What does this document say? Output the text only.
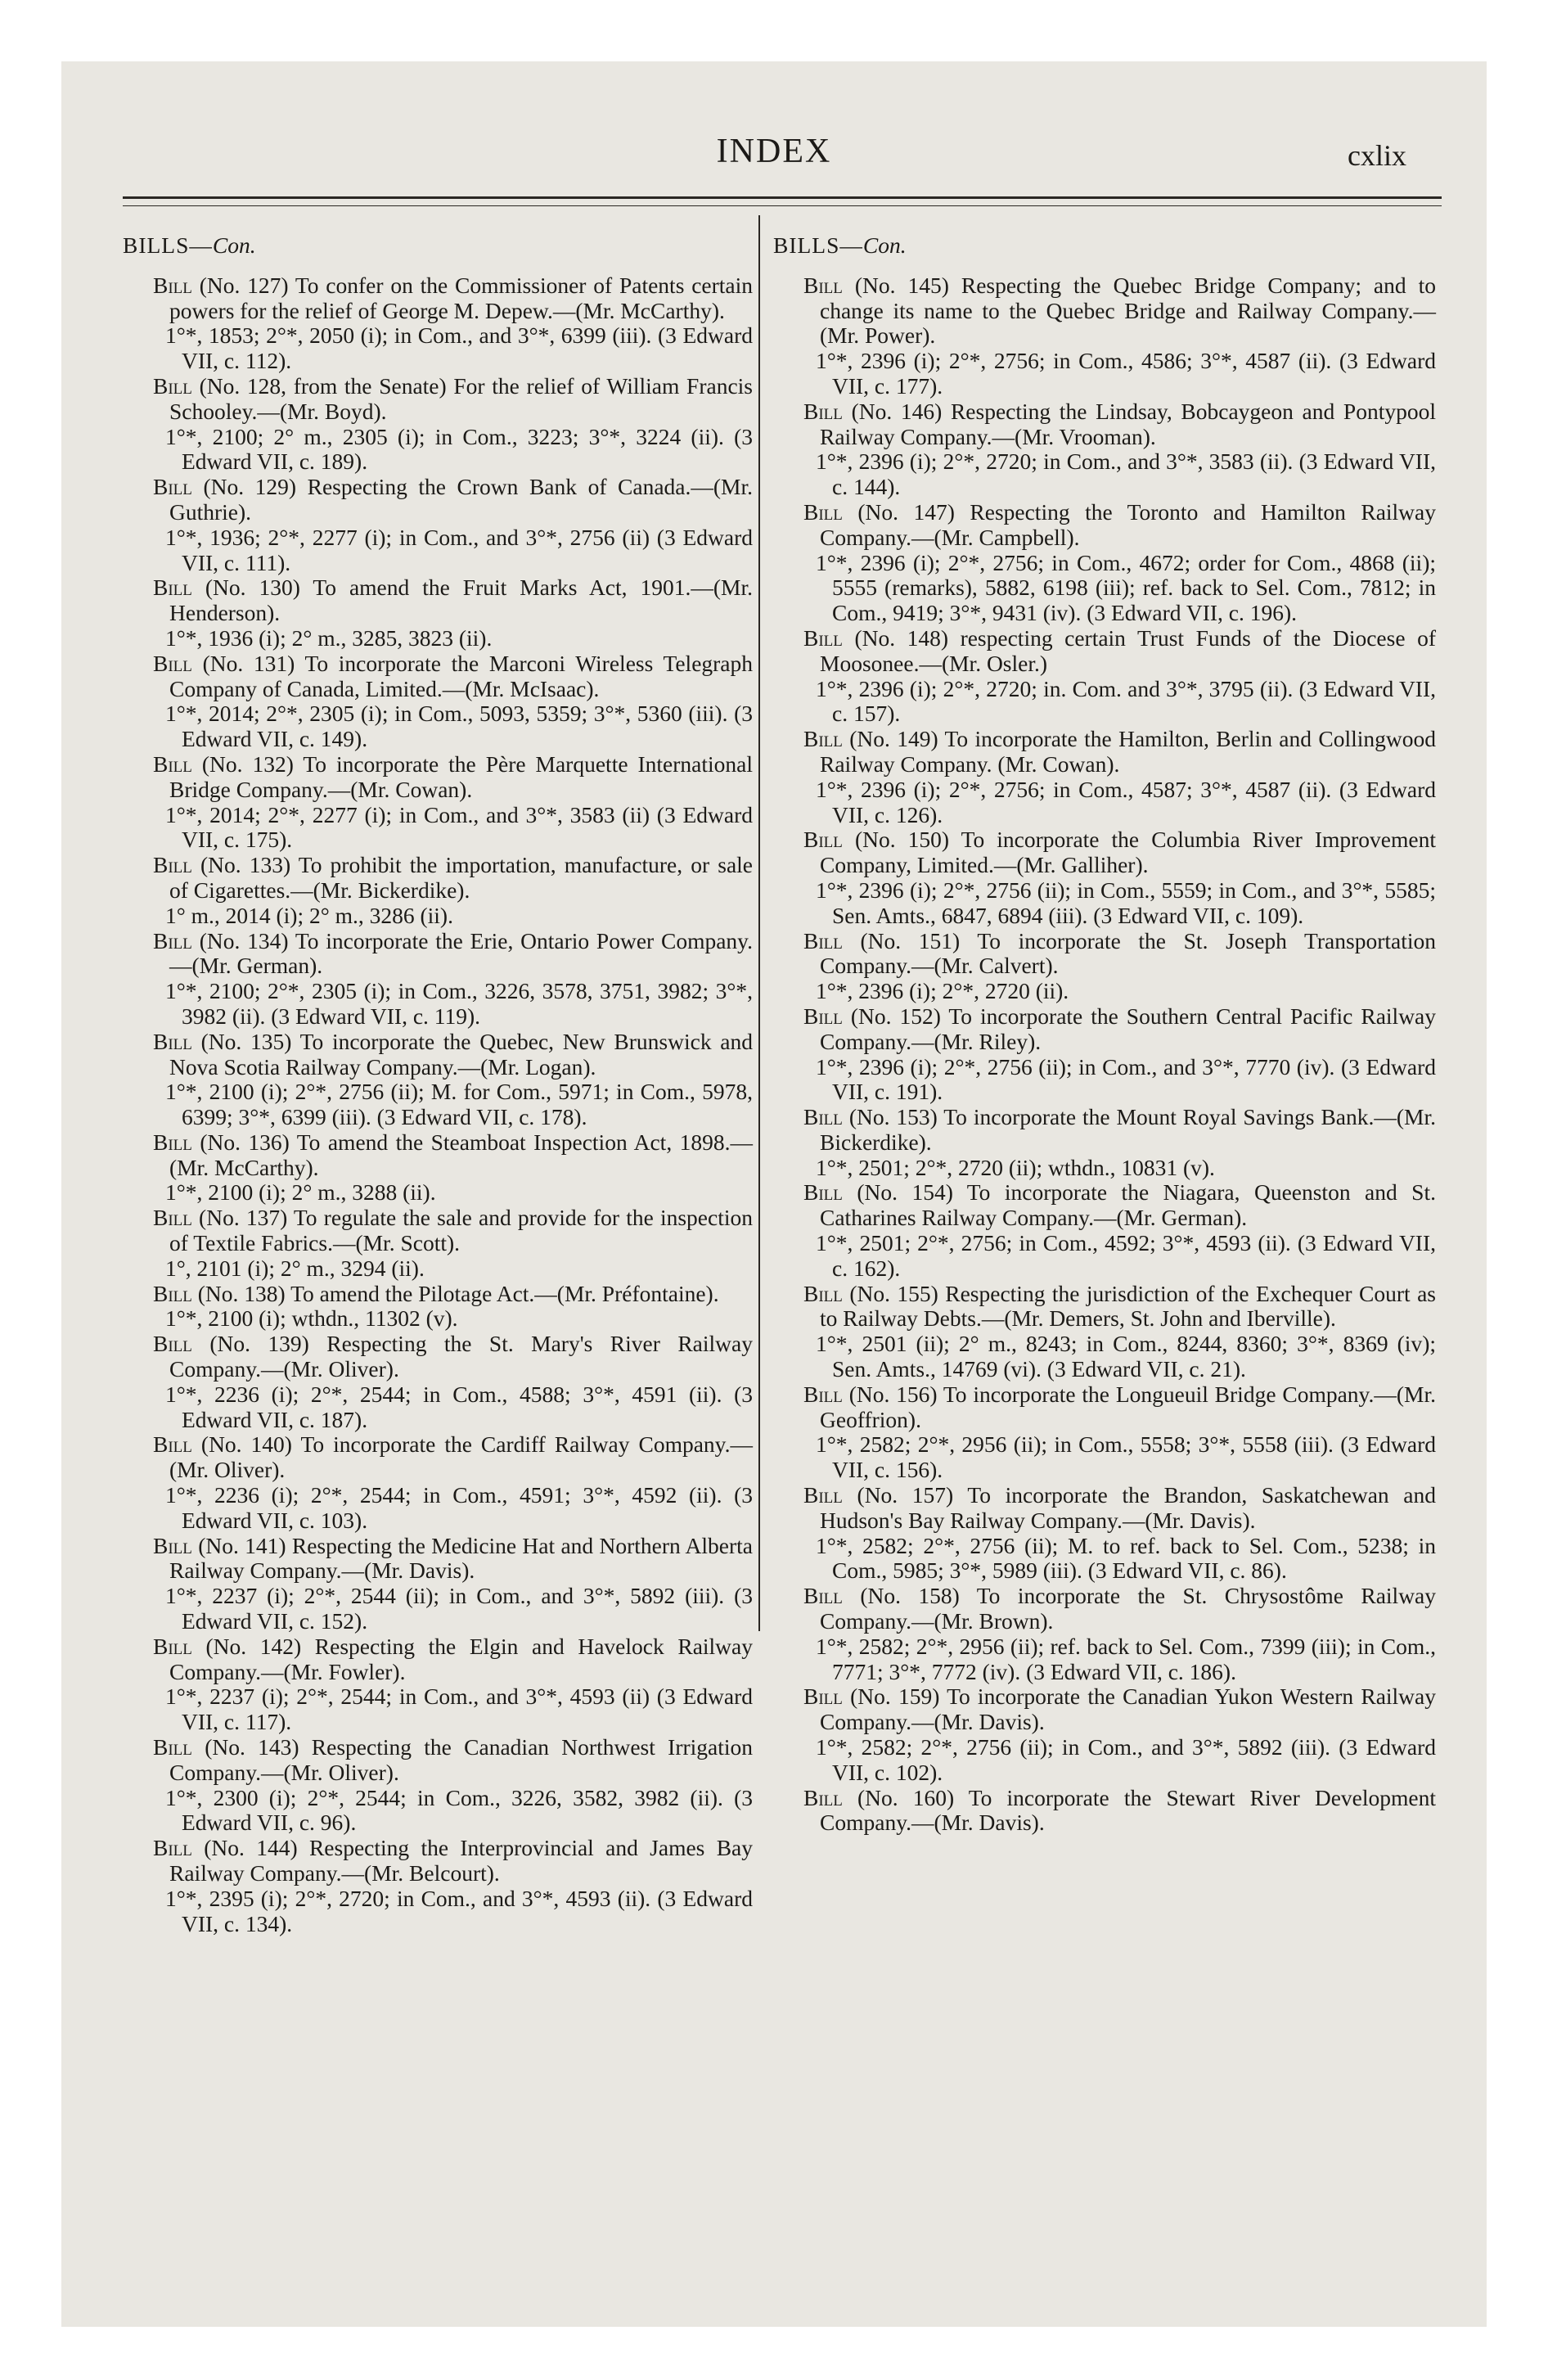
INDEX	cxlix

BILLS—Con.

Bill (No. 127) To confer on the Commissioner of Patents certain powers for the relief of George M. Depew.—(Mr. McCarthy).

1°*, 1853; 2°*, 2050 (i); in Com., and 3°*, 6399 (iii). (3 Edward VII, c. 112).

Bill (No. 128, from the Senate) For the relief of William Francis Schooley.—(Mr. Boyd).

1°*, 2100; 2° m., 2305 (i); in Com., 3223; 3°*, 3224 (ii). (3 Edward VII, c. 189).

Bill (No. 129) Respecting the Crown Bank of Canada.—(Mr. Guthrie).

1°*, 1936; 2°*, 2277 (i); in Com., and 3°*, 2756 (ii) (3 Edward VII, c. 111).

Bill (No. 130) To amend the Fruit Marks Act, 1901.—(Mr. Henderson).

1°*, 1936 (i); 2° m., 3285, 3823 (ii).

Bill (No. 131) To incorporate the Marconi Wireless Telegraph Company of Canada, Limited.—(Mr. McIsaac).

1°*, 2014; 2°*, 2305 (i); in Com., 5093, 5359; 3°*, 5360 (iii). (3 Edward VII, c. 149).

Bill (No. 132) To incorporate the Père Marquette International Bridge Company.—(Mr. Cowan).

1°*, 2014; 2°*, 2277 (i); in Com., and 3°*, 3583 (ii) (3 Edward VII, c. 175).

Bill (No. 133) To prohibit the importation, manufacture, or sale of Cigarettes.—(Mr. Bickerdike).

1° m., 2014 (i); 2° m., 3286 (ii).

Bill (No. 134) To incorporate the Erie, Ontario Power Company.—(Mr. German).

1°*, 2100; 2°*, 2305 (i); in Com., 3226, 3578, 3751, 3982; 3°*, 3982 (ii). (3 Edward VII, c. 119).

Bill (No. 135) To incorporate the Quebec, New Brunswick and Nova Scotia Railway Company.—(Mr. Logan).

1°*, 2100 (i); 2°*, 2756 (ii); M. for Com., 5971; in Com., 5978, 6399; 3°*, 6399 (iii). (3 Edward VII, c. 178).

Bill (No. 136) To amend the Steamboat Inspection Act, 1898.—(Mr. McCarthy).

1°*, 2100 (i); 2° m., 3288 (ii).

Bill (No. 137) To regulate the sale and provide for the inspection of Textile Fabrics.—(Mr. Scott).

1°, 2101 (i); 2° m., 3294 (ii).

Bill (No. 138) To amend the Pilotage Act.—(Mr. Préfontaine).

1°*, 2100 (i); wthdn., 11302 (v).

Bill (No. 139) Respecting the St. Mary's River Railway Company.—(Mr. Oliver).

1°*, 2236 (i); 2°*, 2544; in Com., 4588; 3°*, 4591 (ii). (3 Edward VII, c. 187).

Bill (No. 140) To incorporate the Cardiff Railway Company.—(Mr. Oliver).

1°*, 2236 (i); 2°*, 2544; in Com., 4591; 3°*, 4592 (ii). (3 Edward VII, c. 103).

Bill (No. 141) Respecting the Medicine Hat and Northern Alberta Railway Company.—(Mr. Davis).

1°*, 2237 (i); 2°*, 2544 (ii); in Com., and 3°*, 5892 (iii). (3 Edward VII, c. 152).

Bill (No. 142) Respecting the Elgin and Havelock Railway Company.—(Mr. Fowler).

1°*, 2237 (i); 2°*, 2544; in Com., and 3°*, 4593 (ii) (3 Edward VII, c. 117).

Bill (No. 143) Respecting the Canadian Northwest Irrigation Company.—(Mr. Oliver).

1°*, 2300 (i); 2°*, 2544; in Com., 3226, 3582, 3982 (ii). (3 Edward VII, c. 96).

Bill (No. 144) Respecting the Interprovincial and James Bay Railway Company.—(Mr. Belcourt).

1°*, 2395 (i); 2°*, 2720; in Com., and 3°*, 4593 (ii). (3 Edward VII, c. 134).

BILLS—Con.

Bill (No. 145) Respecting the Quebec Bridge Company; and to change its name to the Quebec Bridge and Railway Company.—(Mr. Power).

1°*, 2396 (i); 2°*, 2756; in Com., 4586; 3°*, 4587 (ii). (3 Edward VII, c. 177).

Bill (No. 146) Respecting the Lindsay, Bobcaygeon and Pontypool Railway Company.—(Mr. Vrooman).

1°*, 2396 (i); 2°*, 2720; in Com., and 3°*, 3583 (ii). (3 Edward VII, c. 144).

Bill (No. 147) Respecting the Toronto and Hamilton Railway Company.—(Mr. Campbell).

1°*, 2396 (i); 2°*, 2756; in Com., 4672; order for Com., 4868 (ii); 5555 (remarks), 5882, 6198 (iii); ref. back to Sel. Com., 7812; in Com., 9419; 3°*, 9431 (iv). (3 Edward VII, c. 196).

Bill (No. 148) respecting certain Trust Funds of the Diocese of Moosonee.—(Mr. Osler.)

1°*, 2396 (i); 2°*, 2720; in. Com. and 3°*, 3795 (ii). (3 Edward VII, c. 157).

Bill (No. 149) To incorporate the Hamilton, Berlin and Collingwood Railway Company. (Mr. Cowan).

1°*, 2396 (i); 2°*, 2756; in Com., 4587; 3°*, 4587 (ii). (3 Edward VII, c. 126).

Bill (No. 150) To incorporate the Columbia River Improvement Company, Limited.—(Mr. Galliher).

1°*, 2396 (i); 2°*, 2756 (ii); in Com., 5559; in Com., and 3°*, 5585; Sen. Amts., 6847, 6894 (iii). (3 Edward VII, c. 109).

Bill (No. 151) To incorporate the St. Joseph Transportation Company.—(Mr. Calvert).

1°*, 2396 (i); 2°*, 2720 (ii).

Bill (No. 152) To incorporate the Southern Central Pacific Railway Company.—(Mr. Riley).

1°*, 2396 (i); 2°*, 2756 (ii); in Com., and 3°*, 7770 (iv). (3 Edward VII, c. 191).

Bill (No. 153) To incorporate the Mount Royal Savings Bank.—(Mr. Bickerdike).

1°*, 2501; 2°*, 2720 (ii); wthdn., 10831 (v).

Bill (No. 154) To incorporate the Niagara, Queenston and St. Catharines Railway Company.—(Mr. German).

1°*, 2501; 2°*, 2756; in Com., 4592; 3°*, 4593 (ii). (3 Edward VII, c. 162).

Bill (No. 155) Respecting the jurisdiction of the Exchequer Court as to Railway Debts.—(Mr. Demers, St. John and Iberville).

1°*, 2501 (ii); 2° m., 8243; in Com., 8244, 8360; 3°*, 8369 (iv); Sen. Amts., 14769 (vi). (3 Edward VII, c. 21).

Bill (No. 156) To incorporate the Longueuil Bridge Company.—(Mr. Geoffrion).

1°*, 2582; 2°*, 2956 (ii); in Com., 5558; 3°*, 5558 (iii). (3 Edward VII, c. 156).

Bill (No. 157) To incorporate the Brandon, Saskatchewan and Hudson's Bay Railway Company.—(Mr. Davis).

1°*, 2582; 2°*, 2756 (ii); M. to ref. back to Sel. Com., 5238; in Com., 5985; 3°*, 5989 (iii). (3 Edward VII, c. 86).

Bill (No. 158) To incorporate the St. Chrysostôme Railway Company.—(Mr. Brown).

1°*, 2582; 2°*, 2956 (ii); ref. back to Sel. Com., 7399 (iii); in Com., 7771; 3°*, 7772 (iv). (3 Edward VII, c. 186).

Bill (No. 159) To incorporate the Canadian Yukon Western Railway Company.—(Mr. Davis).

1°*, 2582; 2°*, 2756 (ii); in Com., and 3°*, 5892 (iii). (3 Edward VII, c. 102).

Bill (No. 160) To incorporate the Stewart River Development Company.—(Mr. Davis).
